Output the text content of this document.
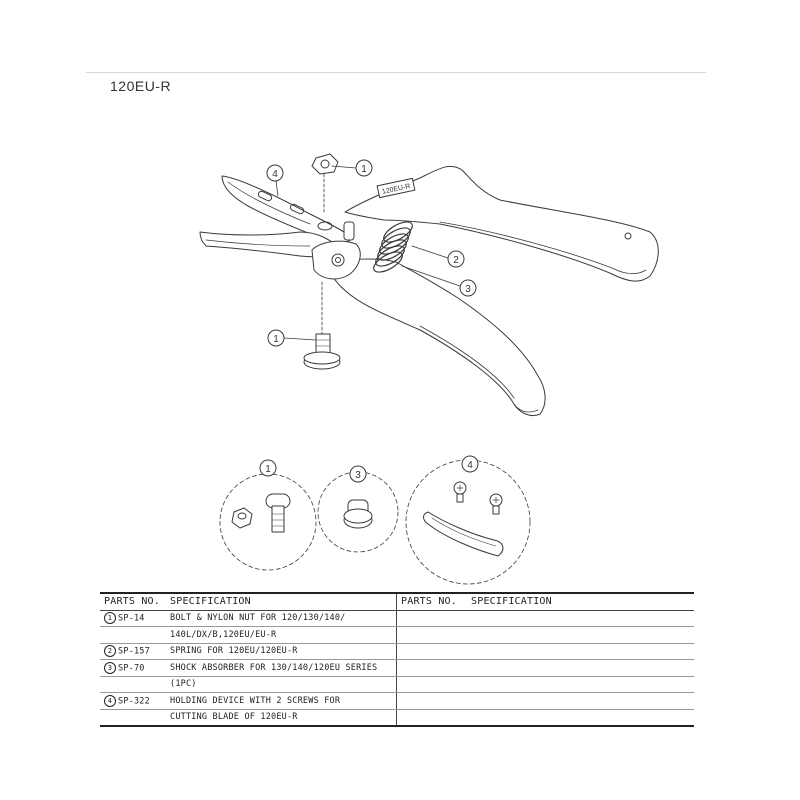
120EU-R
120EU-R
1
4
2
3
1
1
3
4
PARTS NO.	SPECIFICATION	PARTS NO.	SPECIFICATION
1 SP-14	BOLT & NYLON NUT FOR 120/130/140/		
	140L/DX/B,120EU/EU-R		
2 SP-157	SPRING FOR 120EU/120EU-R		
3 SP-70	SHOCK ABSORBER FOR 130/140/120EU SERIES		
	(1PC)		
4 SP-322	HOLDING DEVICE WITH 2 SCREWS FOR		
	CUTTING BLADE OF 120EU-R		
